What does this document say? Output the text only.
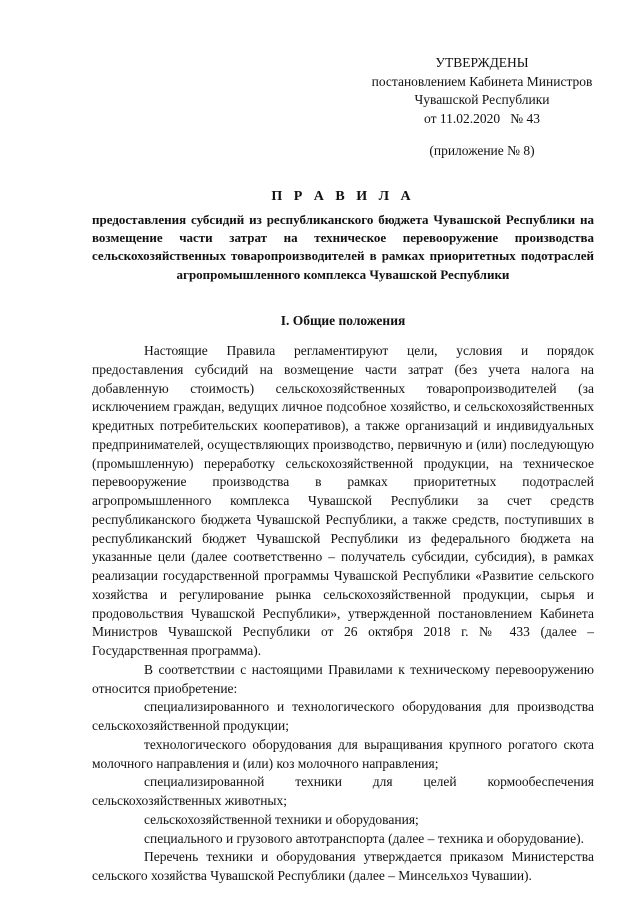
УТВЕРЖДЕНЫ
постановлением Кабинета Министров
Чувашской Республики
от 11.02.2020   № 43
(приложение № 8)
П Р А В И Л А
предоставления субсидий из республиканского бюджета Чувашской Республики на возмещение части затрат на техническое перевооружение производства сельскохозяйственных товаропроизводителей в рамках приоритетных подотраслей агропромышленного комплекса Чувашской Республики
I. Общие положения

Настоящие Правила регламентируют цели, условия и порядок предоставления субсидий на возмещение части затрат (без учета налога на добавленную стоимость) сельскохозяйственных товаропроизводителей (за исключением граждан, ведущих личное подсобное хозяйство, и сельскохозяйственных кредитных потребительских кооперативов), а также организаций и индивидуальных предпринимателей, осуществляющих производство, первичную и (или) последующую (промышленную) переработку сельскохозяйственной продукции, на техническое перевооружение производства в рамках приоритетных подотраслей агропромышленного комплекса Чувашской Республики за счет средств республиканского бюджета Чувашской Республики, а также средств, поступивших в республиканский бюджет Чувашской Республики из федерального бюджета на указанные цели (далее соответственно – получатель субсидии, субсидия), в рамках реализации государственной программы Чувашской Республики «Развитие сельского хозяйства и регулирование рынка сельскохозяйственной продукции, сырья и продовольствия Чувашской Республики», утвержденной постановлением Кабинета Министров Чувашской Республики от 26 октября 2018 г. № 433 (далее – Государственная программа).

В соответствии с настоящими Правилами к техническому перевооружению относится приобретение:

специализированного и технологического оборудования для производства сельскохозяйственной продукции;

технологического оборудования для выращивания крупного рогатого скота молочного направления и (или) коз молочного направления;

специализированной техники для целей кормообеспечения сельскохозяйственных животных;

сельскохозяйственной техники и оборудования;

специального и грузового автотранспорта (далее – техника и оборудование).

Перечень техники и оборудования утверждается приказом Министерства сельского хозяйства Чувашской Республики (далее – Минсельхоз Чувашии).
